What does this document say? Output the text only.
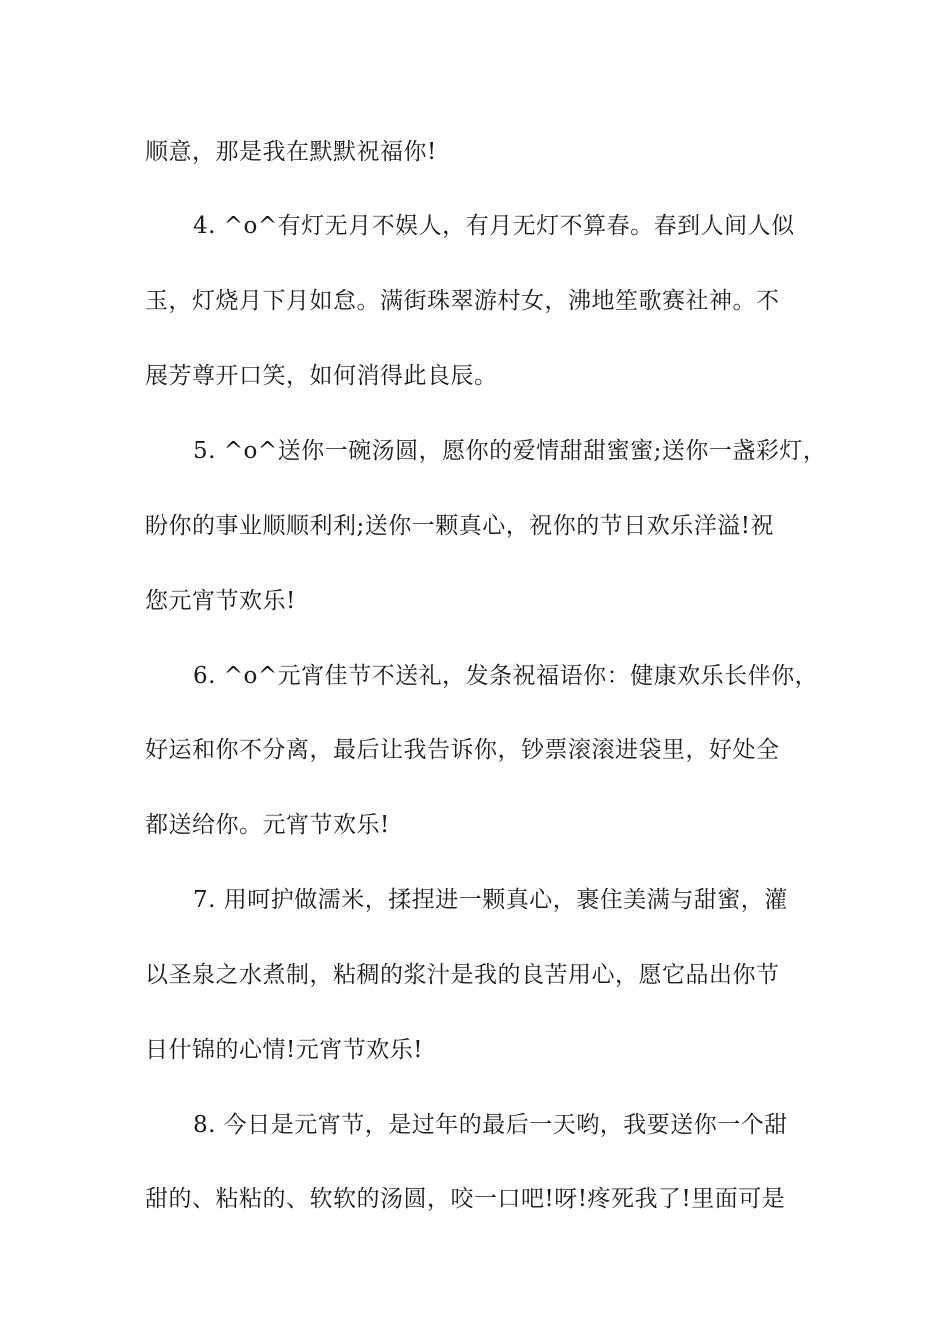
顺意，那是我在默默祝福你!
4. ^o^有灯无月不娱人，有月无灯不算春。春到人间人似
玉，灯烧月下月如怠。满街珠翠游村女，沸地笙歌赛社神。不
展芳尊开口笑，如何消得此良辰。
5. ^o^送你一碗汤圆，愿你的爱情甜甜蜜蜜;送你一盏彩灯，
盼你的事业顺顺利利;送你一颗真心，祝你的节日欢乐洋溢!祝
您元宵节欢乐!
6. ^o^元宵佳节不送礼，发条祝福语你：健康欢乐长伴你，
好运和你不分离，最后让我告诉你，钞票滚滚进袋里，好处全
都送给你。元宵节欢乐!
7. 用呵护做濡米，揉捏进一颗真心，裹住美满与甜蜜，灌
以圣泉之水煮制，粘稠的浆汁是我的良苦用心，愿它品出你节
日什锦的心情!元宵节欢乐!
8. 今日是元宵节，是过年的最后一天哟，我要送你一个甜
甜的、粘粘的、软软的汤圆，咬一口吧!呀!疼死我了!里面可是
